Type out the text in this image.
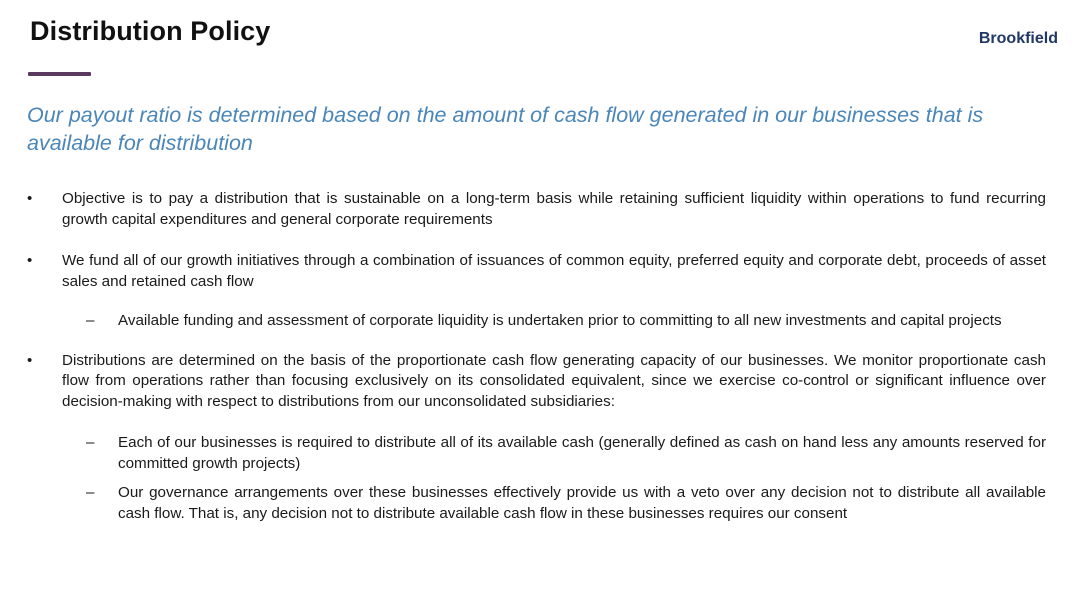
Distribution Policy	Brookfield

Our payout ratio is determined based on the amount of cash flow generated in our businesses that is available for distribution

• Objective is to pay a distribution that is sustainable on a long-term basis while retaining sufficient liquidity within operations to fund recurring growth capital expenditures and general corporate requirements
• We fund all of our growth initiatives through a combination of issuances of common equity, preferred equity and corporate debt, proceeds of asset sales and retained cash flow
– Available funding and assessment of corporate liquidity is undertaken prior to committing to all new investments and capital projects
• Distributions are determined on the basis of the proportionate cash flow generating capacity of our businesses. We monitor proportionate cash flow from operations rather than focusing exclusively on its consolidated equivalent, since we exercise co-control or significant influence over decision-making with respect to distributions from our unconsolidated subsidiaries:
– Each of our businesses is required to distribute all of its available cash (generally defined as cash on hand less any amounts reserved for committed growth projects)
– Our governance arrangements over these businesses effectively provide us with a veto over any decision not to distribute all available cash flow. That is, any decision not to distribute available cash flow in these businesses requires our consent
